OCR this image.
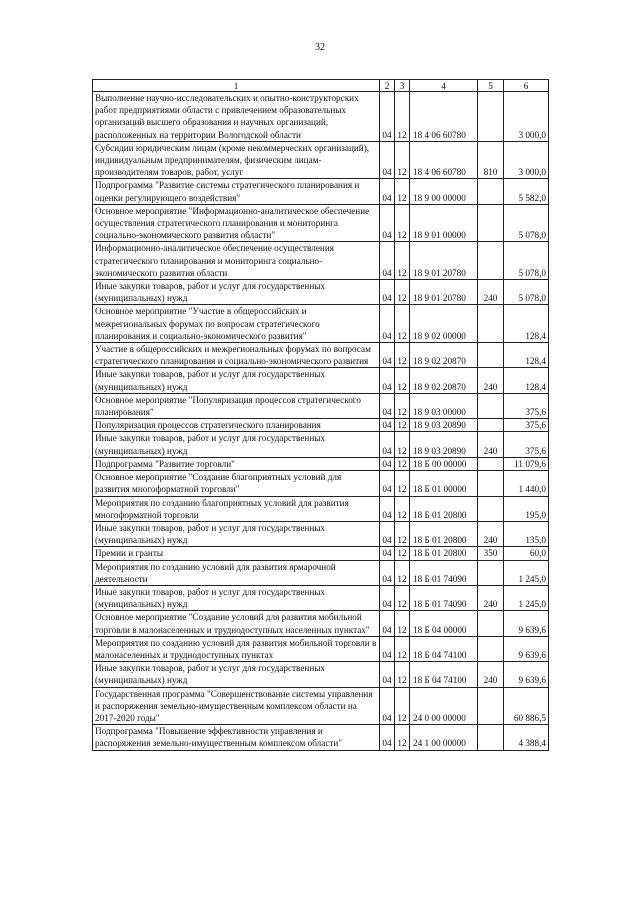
32
1	2	3	4	5	6
Выполнение научно-исследовательских и опытно-конструкторских работ предприятиями области с привлечением образовательных организаций высшего образования и научных организаций, расположенных на территории Вологодской области	04	12	18 4 06 60780		3 000,0
Субсидии юридическим лицам (кроме некоммерческих организаций), индивидуальным предпринимателям, физическим лицам-производителям товаров, работ, услуг	04	12	18 4 06 60780	810	3 000,0
Подпрограмма "Развитие системы стратегического планирования и оценки регулирующего воздействия"	04	12	18 9 00 00000		5 582,0
Основное мероприятие "Информационно-аналитическое обеспечение осуществления стратегического планирования и мониторинга социально-экономического развития области"	04	12	18 9 01 00000		5 078,0
Информационно-аналитическое обеспечение осуществления стратегического планирования и мониторинга социально-экономического развития области	04	12	18 9 01 20780		5 078,0
Иные закупки товаров, работ и услуг для государственных (муниципальных) нужд	04	12	18 9 01 20780	240	5 078,0
Основное мероприятие "Участие в общероссийских и межрегиональных форумах по вопросам стратегического планирования и социально-экономического развития"	04	12	18 9 02 00000		128,4
Участие в общероссийских и межрегиональных форумах по вопросам стратегического планирования и социально-экономического развития	04	12	18 9 02 20870		128,4
Иные закупки товаров, работ и услуг для государственных (муниципальных) нужд	04	12	18 9 02 20870	240	128,4
Основное мероприятие "Популяризация процессов стратегического планирования"	04	12	18 9 03 00000		375,6
Популяризация процессов стратегического планирования	04	12	18 9 03 20890		375,6
Иные закупки товаров, работ и услуг для государственных (муниципальных) нужд	04	12	18 9 03 20890	240	375,6
Подпрограмма "Развитие торговли"	04	12	18 Б 00 00000		11 079,6
Основное мероприятие "Создание благоприятных условий для развития многоформатной торговли"	04	12	18 Б 01 00000		1 440,0
Мероприятия по созданию благоприятных условий для развития многоформатной торговли	04	12	18 Б 01 20800		195,0
Иные закупки товаров, работ и услуг для государственных (муниципальных) нужд	04	12	18 Б 01 20800	240	135,0
Премии и гранты	04	12	18 Б 01 20800	350	60,0
Мероприятия по созданию условий для развития ярмарочной деятельности	04	12	18 Б 01 74090		1 245,0
Иные закупки товаров, работ и услуг для государственных (муниципальных) нужд	04	12	18 Б 01 74090	240	1 245,0
Основное мероприятие "Создание условий для развития мобильной торговли в малонаселенных и труднодоступных населенных пунктах"	04	12	18 Б 04 00000		9 639,6
Мероприятия по созданию условий для развития мобильной торговли в малонаселенных и труднодоступных пунктах	04	12	18 Б 04 74100		9 639,6
Иные закупки товаров, работ и услуг для государственных (муниципальных) нужд	04	12	18 Б 04 74100	240	9 639,6
Государственная программа "Совершенствование системы управления и распоряжения земельно-имущественным комплексом области на 2017-2020 годы"	04	12	24 0 00 00000		60 886,5
Подпрограмма "Повышение эффективности управления и распоряжения земельно-имущественным комплексом области"	04	12	24 1 00 00000		4 388,4
